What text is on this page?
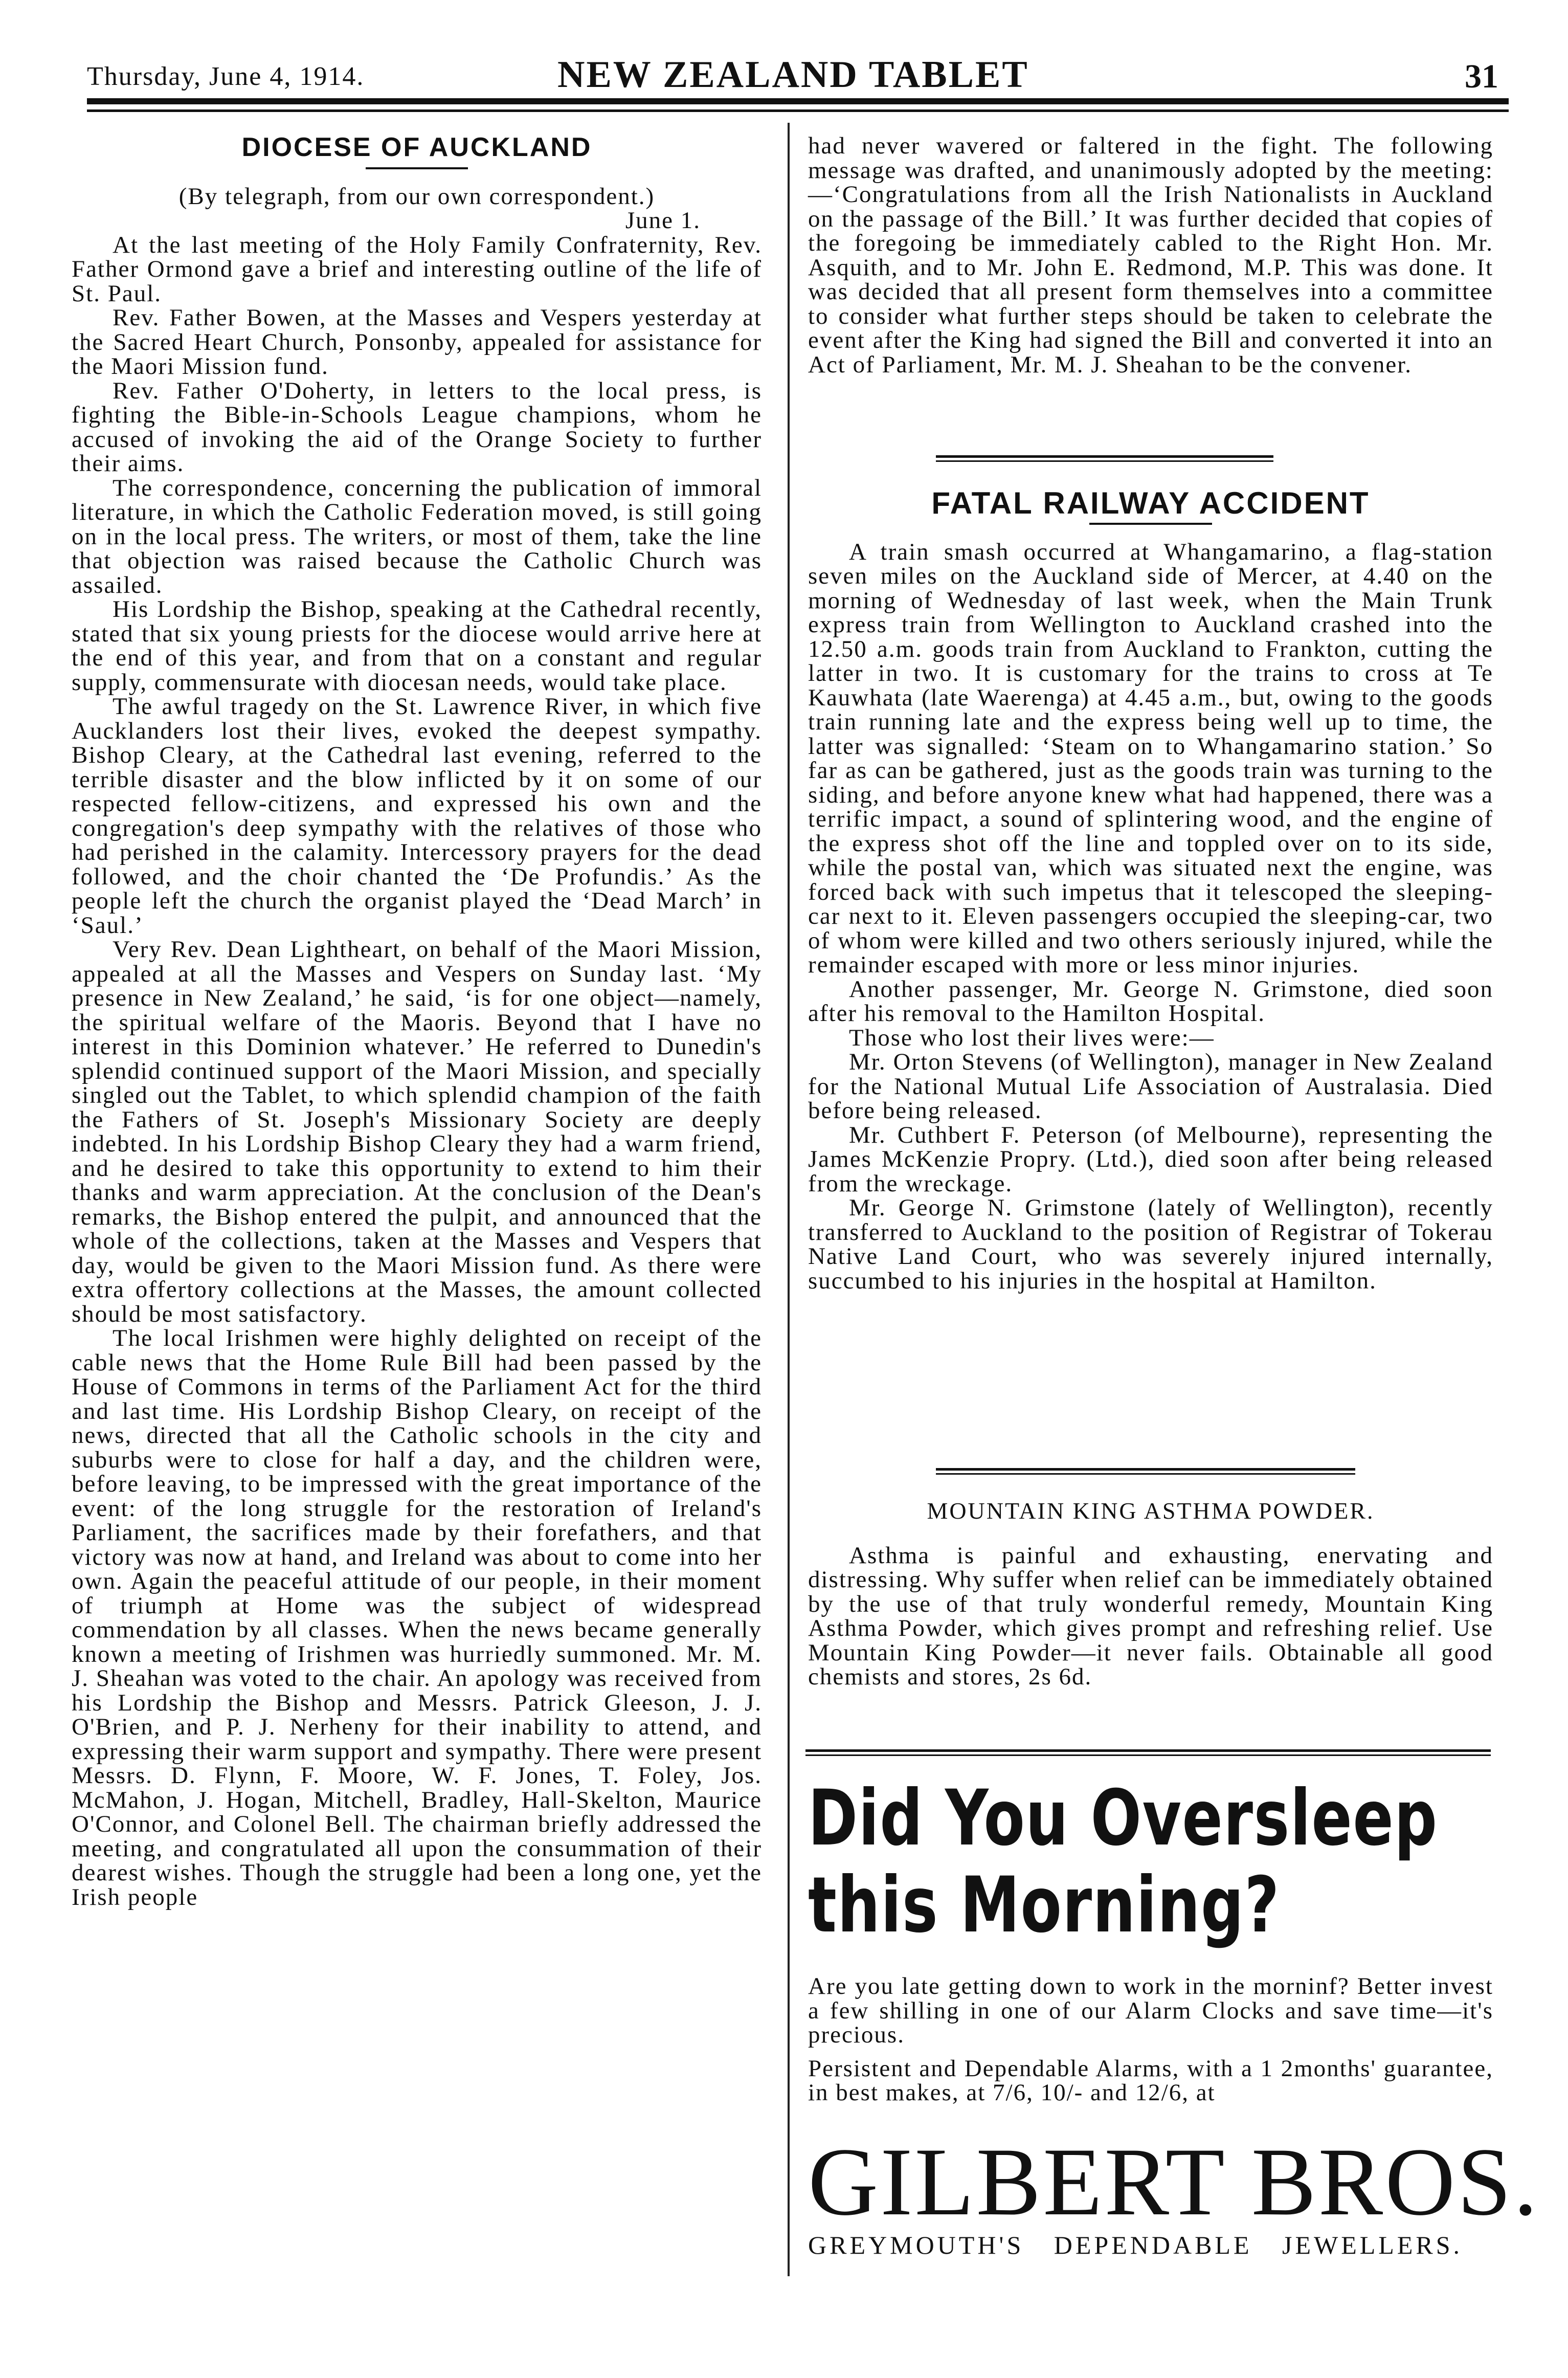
Thursday, June 4, 1914.	NEW ZEALAND TABLET	31
DIOCESE OF AUCKLAND
(By telegraph, from our own correspondent.)
June 1.

At the last meeting of the Holy Family Confraternity, Rev. Father Ormond gave a brief and interesting outline of the life of St. Paul.

Rev. Father Bowen, at the Masses and Vespers yesterday at the Sacred Heart Church, Ponsonby, appealed for assistance for the Maori Mission fund.

Rev. Father O'Doherty, in letters to the local press, is fighting the Bible-in-Schools League champions, whom he accused of invoking the aid of the Orange Society to further their aims.

The correspondence, concerning the publication of immoral literature, in which the Catholic Federation moved, is still going on in the local press. The writers, or most of them, take the line that objection was raised because the Catholic Church was assailed.

His Lordship the Bishop, speaking at the Cathedral recently, stated that six young priests for the diocese would arrive here at the end of this year, and from that on a constant and regular supply, commensurate with diocesan needs, would take place.

The awful tragedy on the St. Lawrence River, in which five Aucklanders lost their lives, evoked the deepest sympathy. Bishop Cleary, at the Cathedral last evening, referred to the terrible disaster and the blow inflicted by it on some of our respected fellow-citizens, and expressed his own and the congregation's deep sympathy with the relatives of those who had perished in the calamity. Intercessory prayers for the dead followed, and the choir chanted the ‘De Profundis.’ As the people left the church the organist played the ‘Dead March’ in ‘Saul.’

Very Rev. Dean Lightheart, on behalf of the Maori Mission, appealed at all the Masses and Vespers on Sunday last. ‘My presence in New Zealand,’ he said, ‘is for one object—namely, the spiritual welfare of the Maoris. Beyond that I have no interest in this Dominion whatever.’ He referred to Dunedin's splendid continued support of the Maori Mission, and specially singled out the Tablet, to which splendid champion of the faith the Fathers of St. Joseph's Missionary Society are deeply indebted. In his Lordship Bishop Cleary they had a warm friend, and he desired to take this opportunity to extend to him their thanks and warm appreciation. At the conclusion of the Dean's remarks, the Bishop entered the pulpit, and announced that the whole of the collections, taken at the Masses and Vespers that day, would be given to the Maori Mission fund. As there were extra offertory collections at the Masses, the amount collected should be most satisfactory.

The local Irishmen were highly delighted on receipt of the cable news that the Home Rule Bill had been passed by the House of Commons in terms of the Parliament Act for the third and last time. His Lordship Bishop Cleary, on receipt of the news, directed that all the Catholic schools in the city and suburbs were to close for half a day, and the children were, before leaving, to be impressed with the great importance of the event: of the long struggle for the restoration of Ireland's Parliament, the sacrifices made by their forefathers, and that victory was now at hand, and Ireland was about to come into her own. Again the peaceful attitude of our people, in their moment of triumph at Home was the subject of widespread commendation by all classes. When the news became generally known a meeting of Irishmen was hurriedly summoned. Mr. M. J. Sheahan was voted to the chair. An apology was received from his Lordship the Bishop and Messrs. Patrick Gleeson, J. J. O'Brien, and P. J. Nerheny for their inability to attend, and expressing their warm support and sympathy. There were present Messrs. D. Flynn, F. Moore, W. F. Jones, T. Foley, Jos. McMahon, J. Hogan, Mitchell, Bradley, Hall-Skelton, Maurice O'Connor, and Colonel Bell. The chairman briefly addressed the meeting, and congratulated all upon the consummation of their dearest wishes. Though the struggle had been a long one, yet the Irish people

had never wavered or faltered in the fight. The following message was drafted, and unanimously adopted by the meeting:—‘Congratulations from all the Irish Nationalists in Auckland on the passage of the Bill.’ It was further decided that copies of the foregoing be immediately cabled to the Right Hon. Mr. Asquith, and to Mr. John E. Redmond, M.P. This was done. It was decided that all present form themselves into a committee to consider what further steps should be taken to celebrate the event after the King had signed the Bill and converted it into an Act of Parliament, Mr. M. J. Sheahan to be the convener.

FATAL RAILWAY ACCIDENT

A train smash occurred at Whangamarino, a flag-station seven miles on the Auckland side of Mercer, at 4.40 on the morning of Wednesday of last week, when the Main Trunk express train from Wellington to Auckland crashed into the 12.50 a.m. goods train from Auckland to Frankton, cutting the latter in two. It is customary for the trains to cross at Te Kauwhata (late Waerenga) at 4.45 a.m., but, owing to the goods train running late and the express being well up to time, the latter was signalled: ‘Steam on to Whangamarino station.’ So far as can be gathered, just as the goods train was turning to the siding, and before anyone knew what had happened, there was a terrific impact, a sound of splintering wood, and the engine of the express shot off the line and toppled over on to its side, while the postal van, which was situated next the engine, was forced back with such impetus that it telescoped the sleeping-car next to it. Eleven passengers occupied the sleeping-car, two of whom were killed and two others seriously injured, while the remainder escaped with more or less minor injuries.

Another passenger, Mr. George N. Grimstone, died soon after his removal to the Hamilton Hospital.

Those who lost their lives were:—

Mr. Orton Stevens (of Wellington), manager in New Zealand for the National Mutual Life Association of Australasia. Died before being released.

Mr. Cuthbert F. Peterson (of Melbourne), representing the James McKenzie Propry. (Ltd.), died soon after being released from the wreckage.

Mr. George N. Grimstone (lately of Wellington), recently transferred to Auckland to the position of Registrar of Tokerau Native Land Court, who was severely injured internally, succumbed to his injuries in the hospital at Hamilton.

MOUNTAIN KING ASTHMA POWDER.

Asthma is painful and exhausting, enervating and distressing. Why suffer when relief can be immediately obtained by the use of that truly wonderful remedy, Mountain King Asthma Powder, which gives prompt and refreshing relief. Use Mountain King Powder—it never fails. Obtainable all good chemists and stores, 2s 6d.

Did You Oversleep
this Morning?

Are you late getting down to work in the morninf? Better invest a few shilling in one of our Alarm Clocks and save time—it's precious.

Persistent and Dependable Alarms, with a 1 2months' guarantee, in best makes, at 7/6, 10/- and 12/6, at

GILBERT BROS.
GREYMOUTH'S DEPENDABLE JEWELLERS.
